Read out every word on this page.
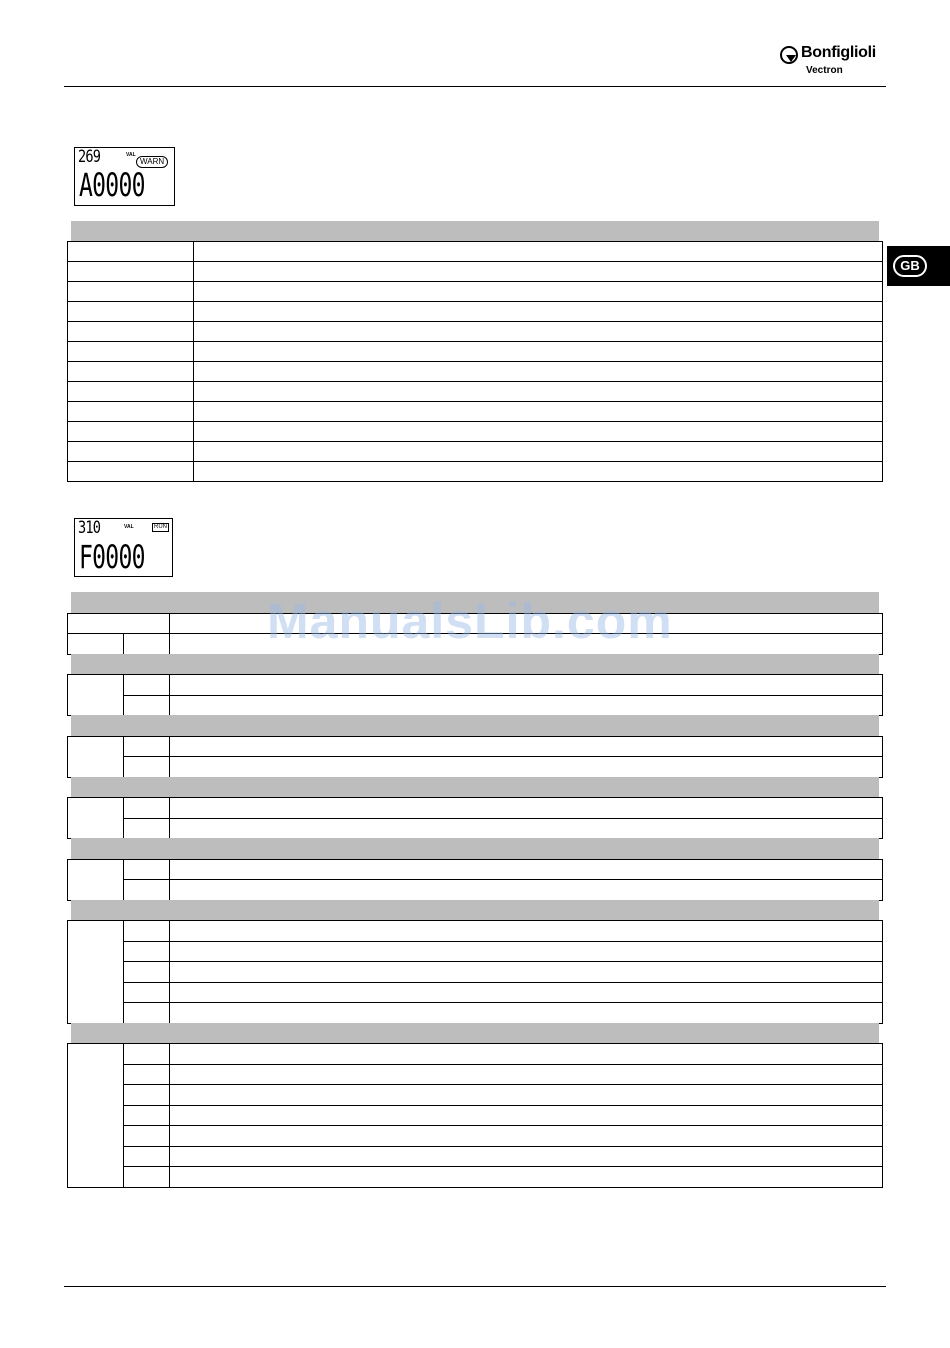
Bonfiglioli
Vectron
GB
269	VAL
WARN
A0000

310	VAL	RUN
F0000

ManualsLib.com
